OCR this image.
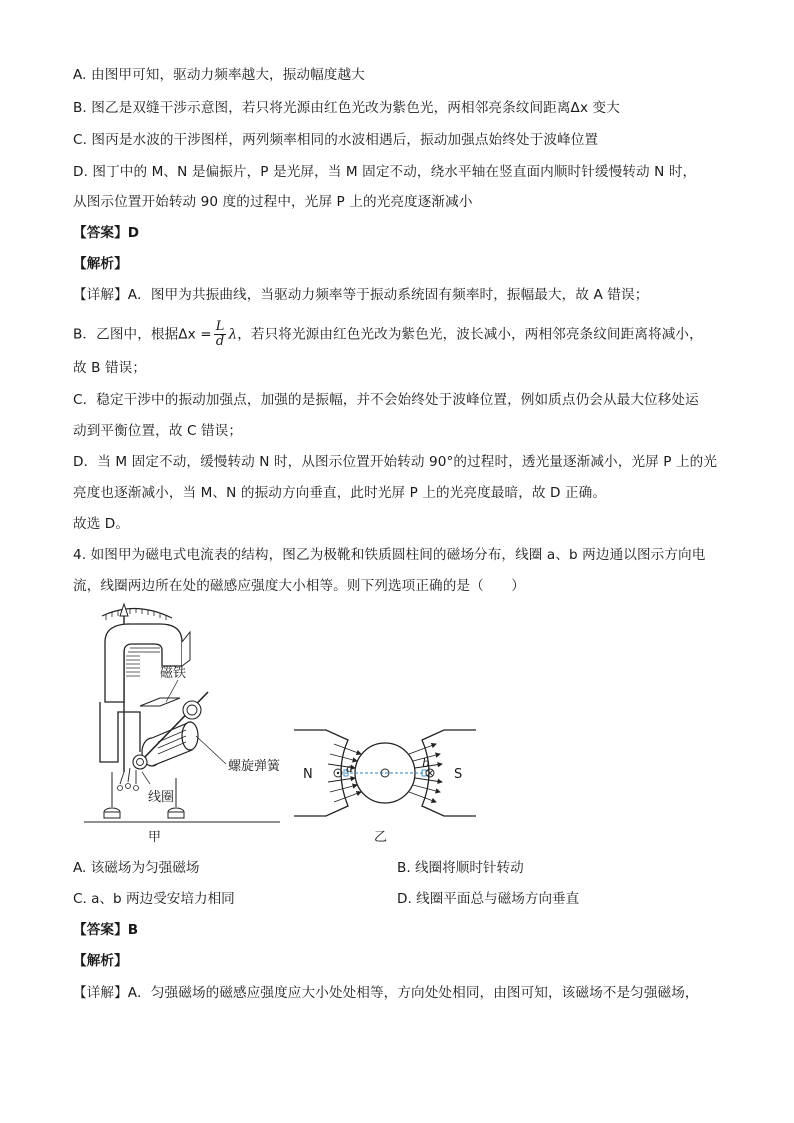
A. 由图甲可知，驱动力频率越大，振动幅度越大
B. 图乙是双缝干涉示意图，若只将光源由红色光改为紫色光，两相邻亮条纹间距离Δx 变大
C. 图丙是水波的干涉图样，两列频率相同的水波相遇后，振动加强点始终处于波峰位置
D. 图丁中的 M、N 是偏振片，P 是光屏，当 M 固定不动，绕水平轴在竖直面内顺时针缓慢转动 N 时，
从图示位置开始转动 90 度的过程中，光屏 P 上的光亮度逐渐减小
【答案】D
【解析】
【详解】A．图甲为共振曲线，当驱动力频率等于振动系统固有频率时，振幅最大，故 A 错误；
B．乙图中，根据$\Delta x = \frac{L}{d}$ λ，若只将光源由红色光改为紫色光，波长减小，两相邻亮条纹间距离将减小，
故 B 错误；
C．稳定干涉中的振动加强点，加强的是振幅，并不会始终处于波峰位置，例如质点仍会从最大位移处运
动到平衡位置，故 C 错误；
D．当 M 固定不动，缓慢转动 N 时，从图示位置开始转动 90°的过程时，透光量逐渐减小，光屏 P 上的光
亮度也逐渐减小，当 M、N 的振动方向垂直，此时光屏 P 上的光亮度最暗，故 D 正确。
故选 D。
4. 如图甲为磁电式电流表的结构，图乙为极靴和铁质圆柱间的磁场分布，线圈 a、b 两边通以图示方向电
流，线圈两边所在处的磁感应强度大小相等。则下列选项正确的是（　　）
磁铁
螺旋弹簧
线圈
甲
N	S
a	b
乙
A. 该磁场为匀强磁场	B. 线圈将顺时针转动
C. a、b 两边受安培力相同	D. 线圈平面总与磁场方向垂直
【答案】B
【解析】
【详解】A．匀强磁场的磁感应强度应大小处处相等，方向处处相同，由图可知，该磁场不是匀强磁场，
